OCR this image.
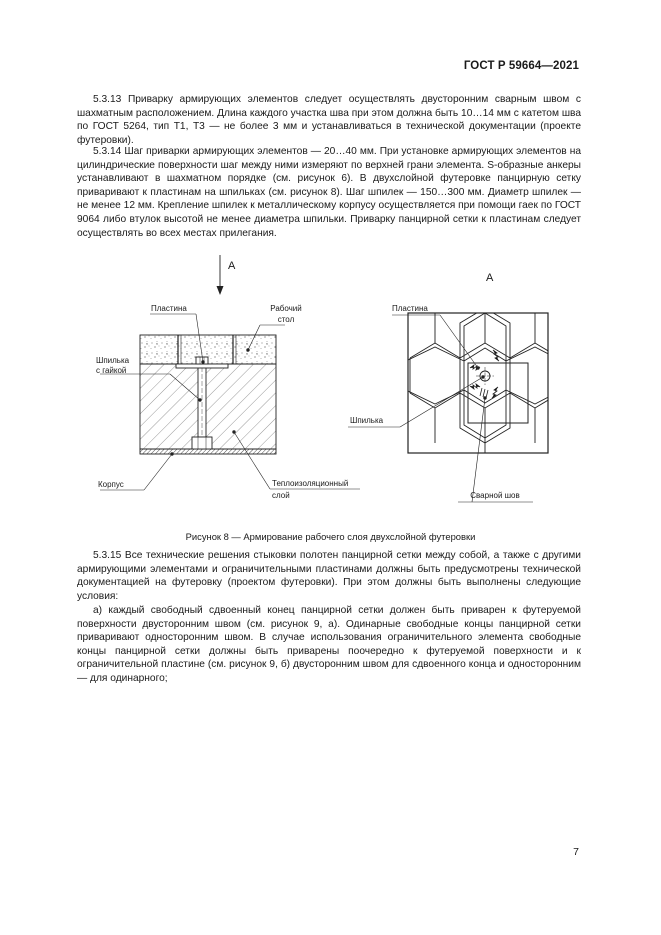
ГОСТ Р 59664—2021

5.3.13 Приварку армирующих элементов следует осуществлять двусторонним сварным швом с шахматным расположением. Длина каждого участка шва при этом должна быть 10…14 мм с катетом шва по ГОСТ 5264, тип Т1, Т3 — не более 3 мм и устанавливаться в технической документации (проекте футеровки).

5.3.14 Шаг приварки армирующих элементов — 20…40 мм. При установке армирующих элементов на цилиндрические поверхности шаг между ними измеряют по верхней грани элемента. S-образные анкеры устанавливают в шахматном порядке (см. рисунок 6). В двухслойной футеровке панцирную сетку приваривают к пластинам на шпильках (см. рисунок 8). Шаг шпилек — 150…300 мм. Диаметр шпилек — не менее 12 мм. Крепление шпилек к металлическому корпусу осуществляется при помощи гаек по ГОСТ 9064 либо втулок высотой не менее диаметра шпильки. Приварку панцирной сетки к пластинам следует осуществлять во всех местах прилегания.

А
Пластина	Рабочий
стол
Шпилька
с гайкой
Корпус	Теплоизоляционный
слой
А
Пластина
Шпилька
Сварной шов
Рисунок 8 — Армирование рабочего слоя двухслойной футеровки

5.3.15 Все технические решения стыковки полотен панцирной сетки между собой, а также с другими армирующими элементами и ограничительными пластинами должны быть предусмотрены технической документацией на футеровку (проектом футеровки). При этом должны быть выполнены следующие условия:

а) каждый свободный сдвоенный конец панцирной сетки должен быть приварен к футеруемой поверхности двусторонним швом (см. рисунок 9, а). Одинарные свободные концы панцирной сетки приваривают односторонним швом. В случае использования ограничительного элемента свободные концы панцирной сетки должны быть приварены поочередно к футеруемой поверхности и к ограничительной пластине (см. рисунок 9, б) двусторонним швом для сдвоенного конца и односторонним — для одинарного;

7
